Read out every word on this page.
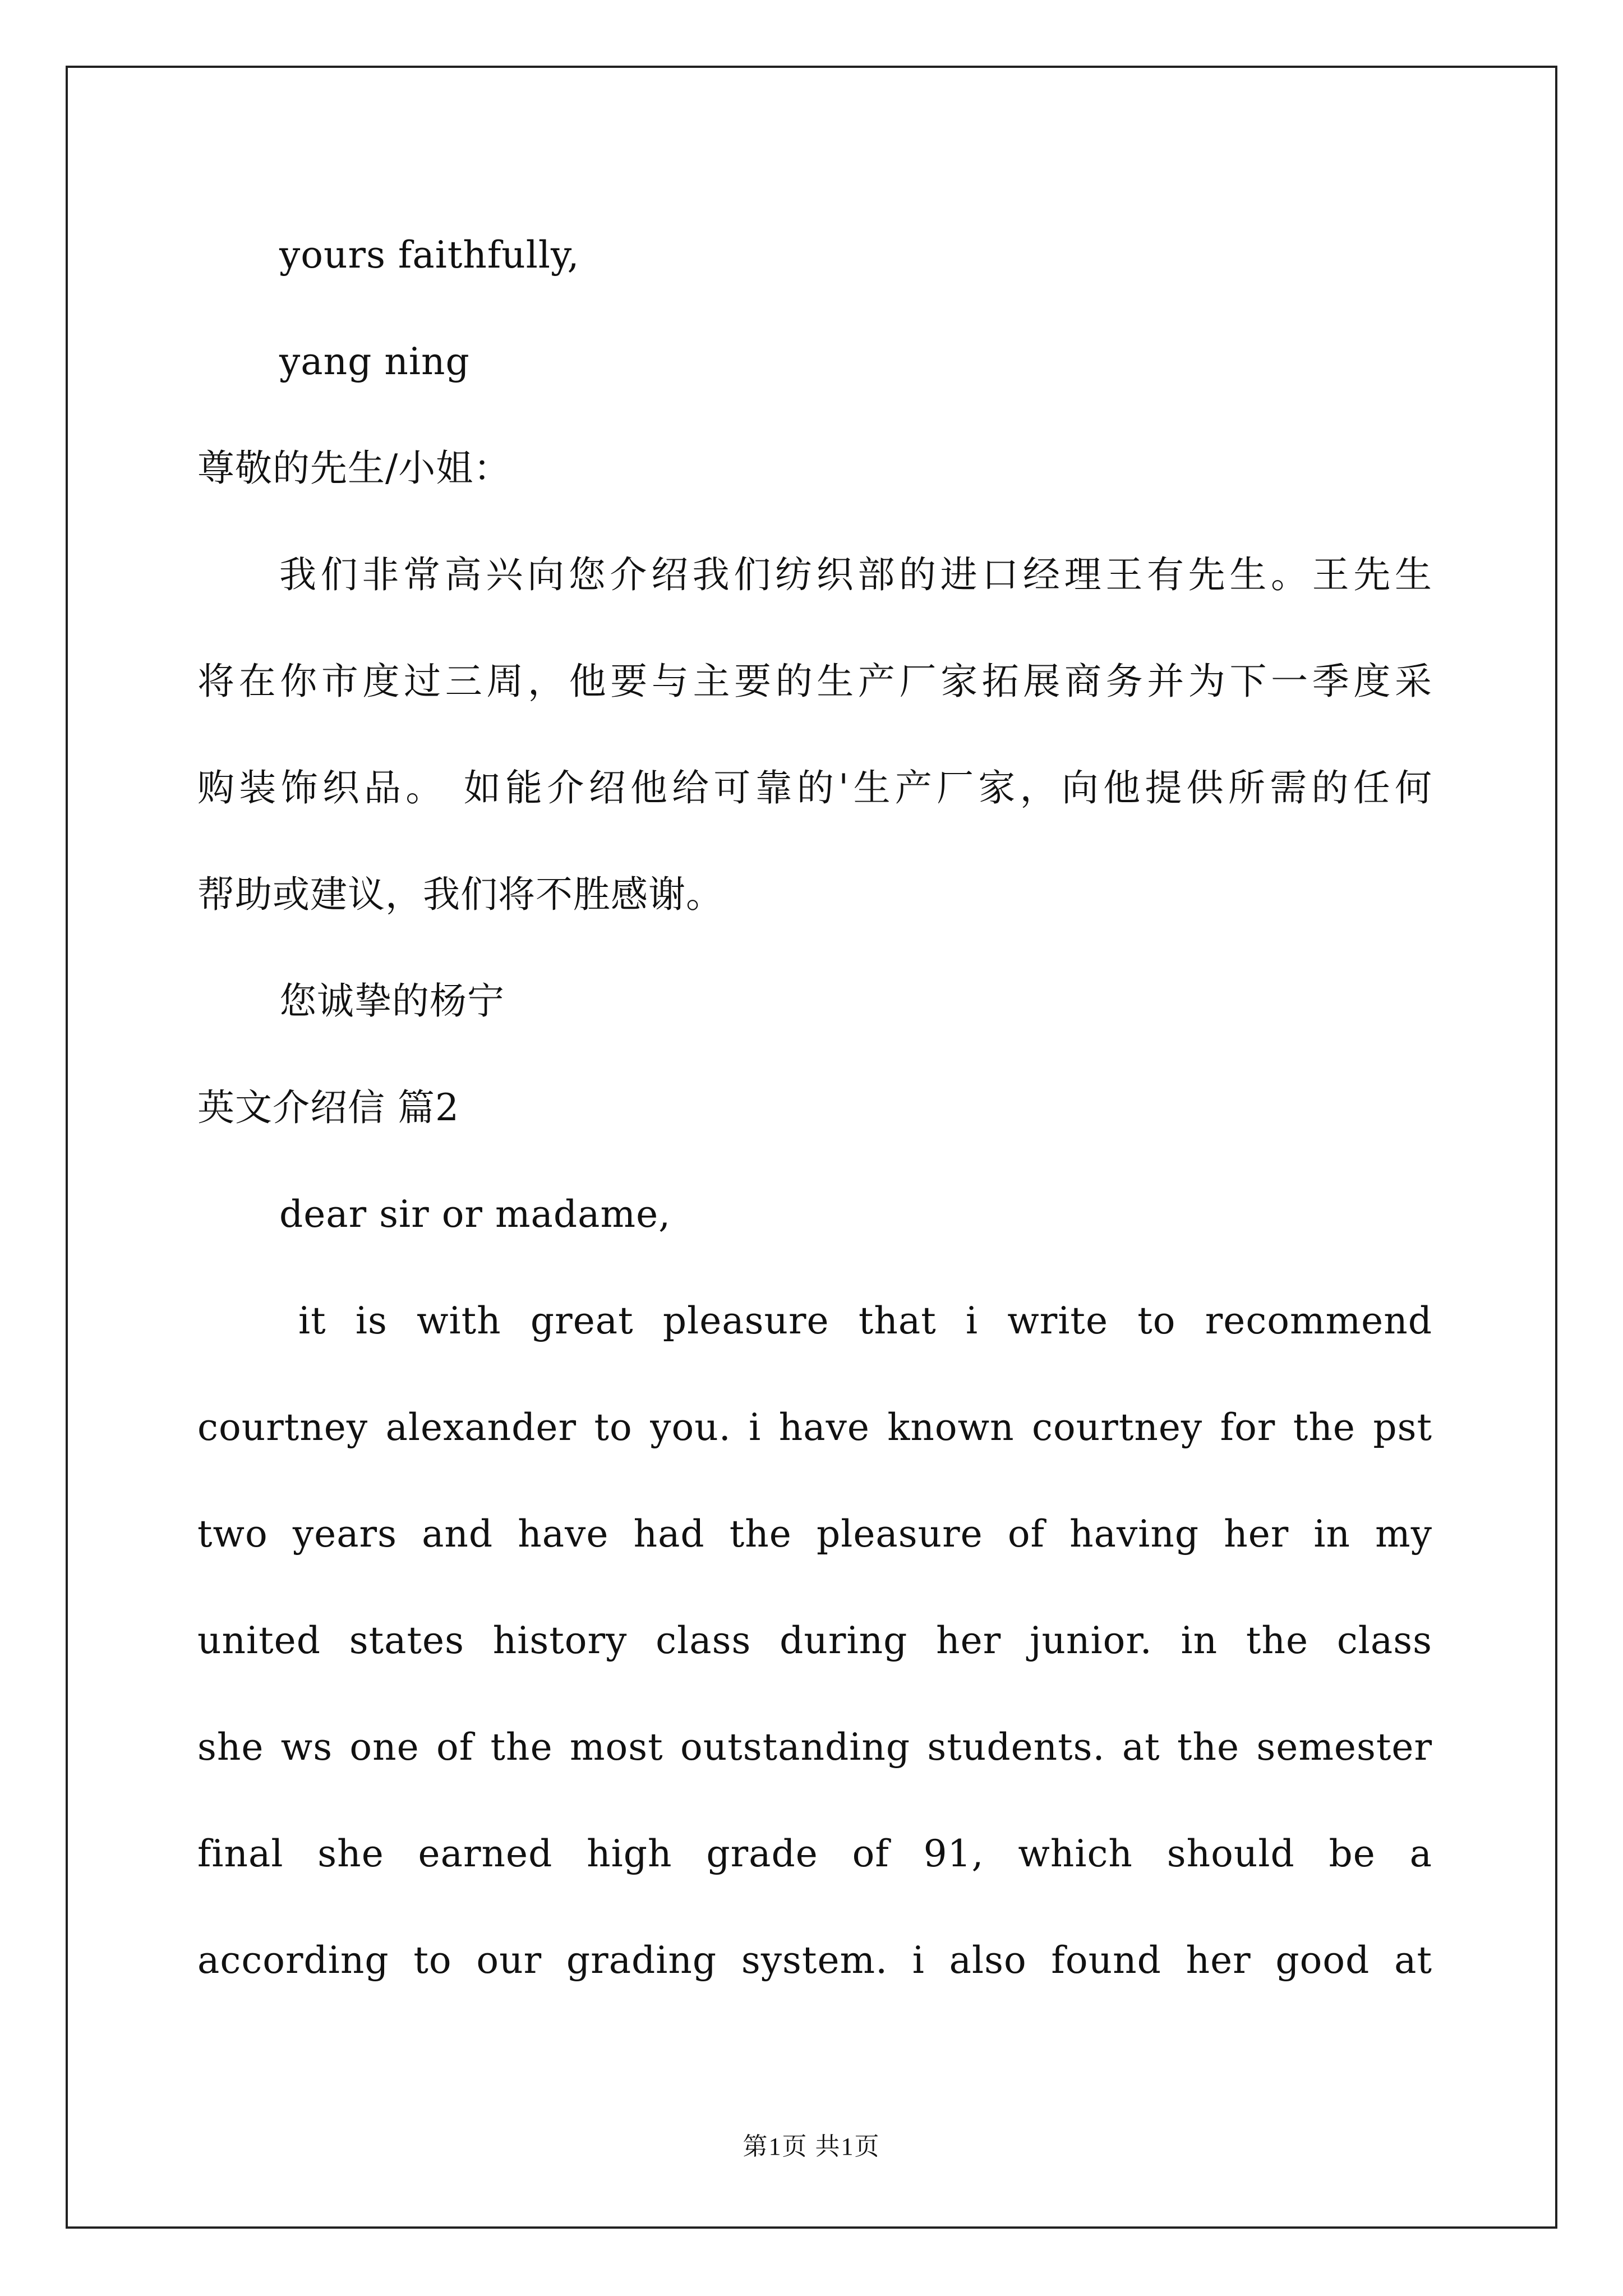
yours faithfully,
yang ning
尊敬的先生/小姐：
我们非常高兴向您介绍我们纺织部的进口经理王有先生。王先生
将在你市度过三周，他要与主要的生产厂家拓展商务并为下一季度采
购装饰织品。 如能介绍他给可靠的'生产厂家，向他提供所需的任何
帮助或建议，我们将不胜感谢。
您诚挚的杨宁
英文介绍信 篇2
dear sir or madame,
it is with great pleasure that i write to recommend
courtney alexander to you. i have known courtney for the pst
two years and have had the pleasure of having her in my
united states history class during her junior. in the class
she ws one of the most outstanding students. at the semester
final she earned high grade of 91, which should be a
according to our grading system. i also found her good at
第1页 共1页
